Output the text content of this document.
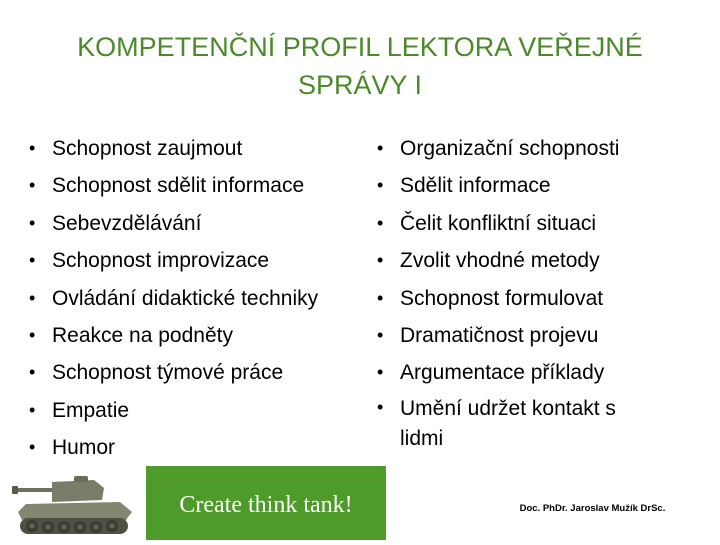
KOMPETENČNÍ PROFIL LEKTORA VEŘEJNÉ SPRÁVY I
• Schopnost zaujmout
• Schopnost sdělit informace
• Sebevzdělávání
• Schopnost improvizace
• Ovládání didaktické techniky
• Reakce na podněty
• Schopnost týmové práce
• Empatie
• Humor
• Organizační schopnosti
• Sdělit informace
• Čelit konfliktní situaci
• Zvolit vhodné metody
• Schopnost formulovat
• Dramatičnost projevu
• Argumentace příklady
• Umění udržet kontakt s lidmi
Create think tank!	Doc. PhDr. Jaroslav Mužík DrSc.
